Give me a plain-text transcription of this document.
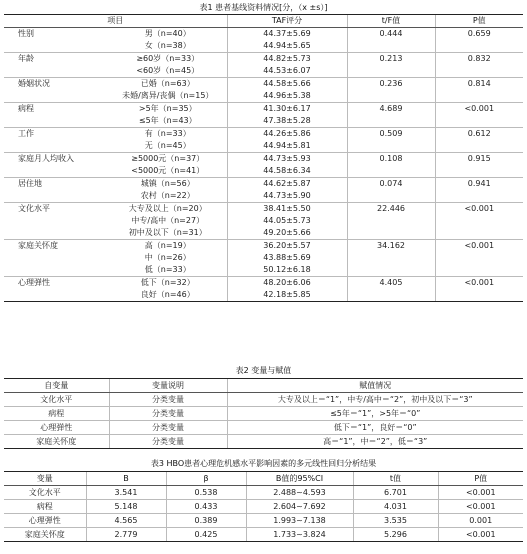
表1 患者基线资料情况[分，（x ±s）]
项目		TAF评分	t/F值	P值
性别	男（n=40）	44.37±5.69	0.444	0.659
	女（n=38）	44.94±5.65		
年龄	≥60岁（n=33）	44.82±5.73	0.213	0.832
	<60岁（n=45）	44.53±6.07		
婚姻状况	已婚（n=63）	44.58±5.66	0.236	0.814
	未婚/离异/丧偶（n=15）	44.96±5.38		
病程	>5年（n=35）	41.30±6.17	4.689	<0.001
	≤5年（n=43）	47.38±5.28		
工作	有（n=33）	44.26±5.86	0.509	0.612
	无（n=45）	44.94±5.81		
家庭月人均收入	≥5000元（n=37）	44.73±5.93	0.108	0.915
	<5000元（n=41）	44.58±6.34		
居住地	城镇（n=56）	44.62±5.87	0.074	0.941
	农村（n=22）	44.73±5.90		
文化水平	大专及以上（n=20）	38.41±5.50	22.446	<0.001
	中专/高中（n=27）	44.05±5.73		
	初中及以下（n=31）	49.20±5.66		
家庭关怀度	高（n=19）	36.20±5.57	34.162	<0.001
	中（n=26）	43.88±5.69		
	低（n=33）	50.12±6.18		
心理弹性	低下（n=32）	48.20±6.06	4.405	<0.001
	良好（n=46）	42.18±5.85		
表2 变量与赋值
自变量	变量说明	赋值情况
文化水平	分类变量	大专及以上＝“1”，中专/高中＝“2”，初中及以下＝“3”
病程	分类变量	≤5年＝“1”，>5年＝“0”
心理弹性	分类变量	低下＝“1”，良好＝“0”
家庭关怀度	分类变量	高＝“1”，中＝“2”，低＝“3”
表3 HBO患者心理危机感水平影响因素的多元线性回归分析结果
变量	B	β	B值的95%CI	t值	P值
文化水平	3.541	0.538	2.488~4.593	6.701	<0.001
病程	5.148	0.433	2.604~7.692	4.031	<0.001
心理弹性	4.565	0.389	1.993~7.138	3.535	0.001
家庭关怀度	2.779	0.425	1.733~3.824	5.296	<0.001
